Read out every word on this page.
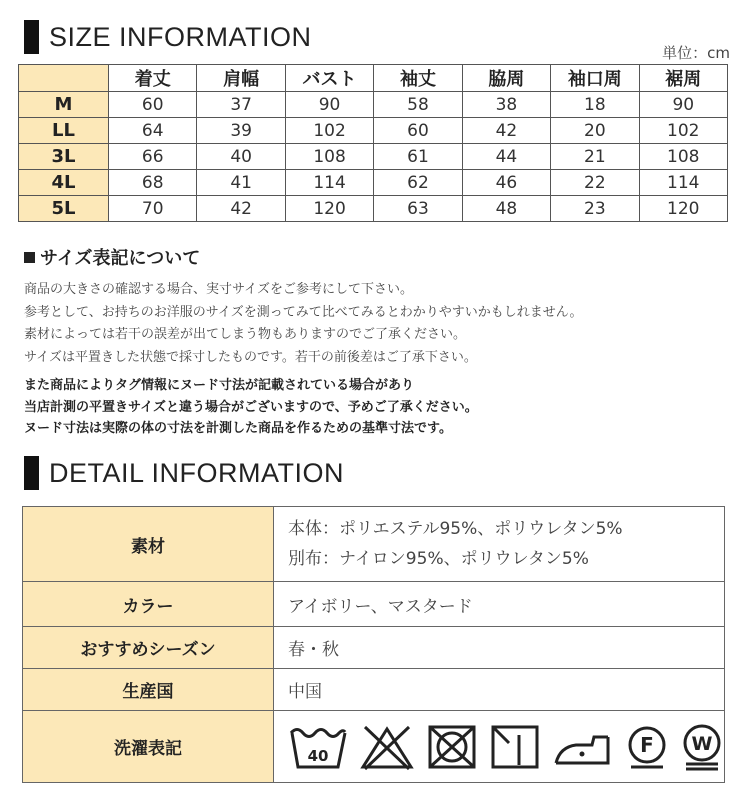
SIZE INFORMATION
単位：cm
	着丈	肩幅	バスト	袖丈	脇周	袖口周	裾周
M	60	37	90	58	38	18	90
LL	64	39	102	60	42	20	102
3L	66	40	108	61	44	21	108
4L	68	41	114	62	46	22	114
5L	70	42	120	63	48	23	120
サイズ表記について
商品の大きさの確認する場合、実寸サイズをご参考にして下さい。
参考として、お持ちのお洋服のサイズを測ってみて比べてみるとわかりやすいかもしれません。
素材によっては若干の誤差が出てしまう物もありますのでご了承ください。
サイズは平置きした状態で採寸したものです。若干の前後差はご了承下さい。
また商品によりタグ情報にヌード寸法が記載されている場合があり
当店計測の平置きサイズと違う場合がございますので、予めご了承ください。
ヌード寸法は実際の体の寸法を計測した商品を作るための基準寸法です。
DETAIL INFORMATION
素材	本体：ポリエステル95%、ポリウレタン5%
別布：ナイロン95%、ポリウレタン5%

カラー	アイボリー、マスタード
おすすめシーズン	春・秋
生産国	中国
洗濯表記	40 F W
